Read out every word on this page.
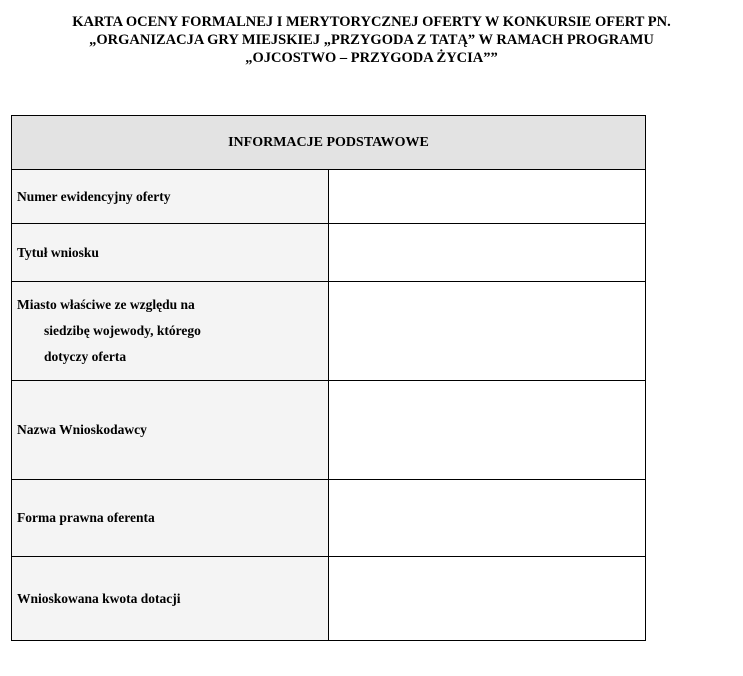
KARTA OCENY FORMALNEJ I MERYTORYCZNEJ OFERTY W KONKURSIE OFERT PN.
„ORGANIZACJA GRY MIEJSKIEJ „PRZYGODA Z TATĄ” W RAMACH PROGRAMU
„OJCOSTWO – PRZYGODA ŻYCIA””
INFORMACJE PODSTAWOWE	
Numer ewidencyjny oferty	
Tytuł wniosku	

Miasto właściwe ze względu na
siedzibę wojewody, którego
dotyczy oferta	

Nazwa Wnioskodawcy	
Forma prawna oferenta	
Wnioskowana kwota dotacji	
